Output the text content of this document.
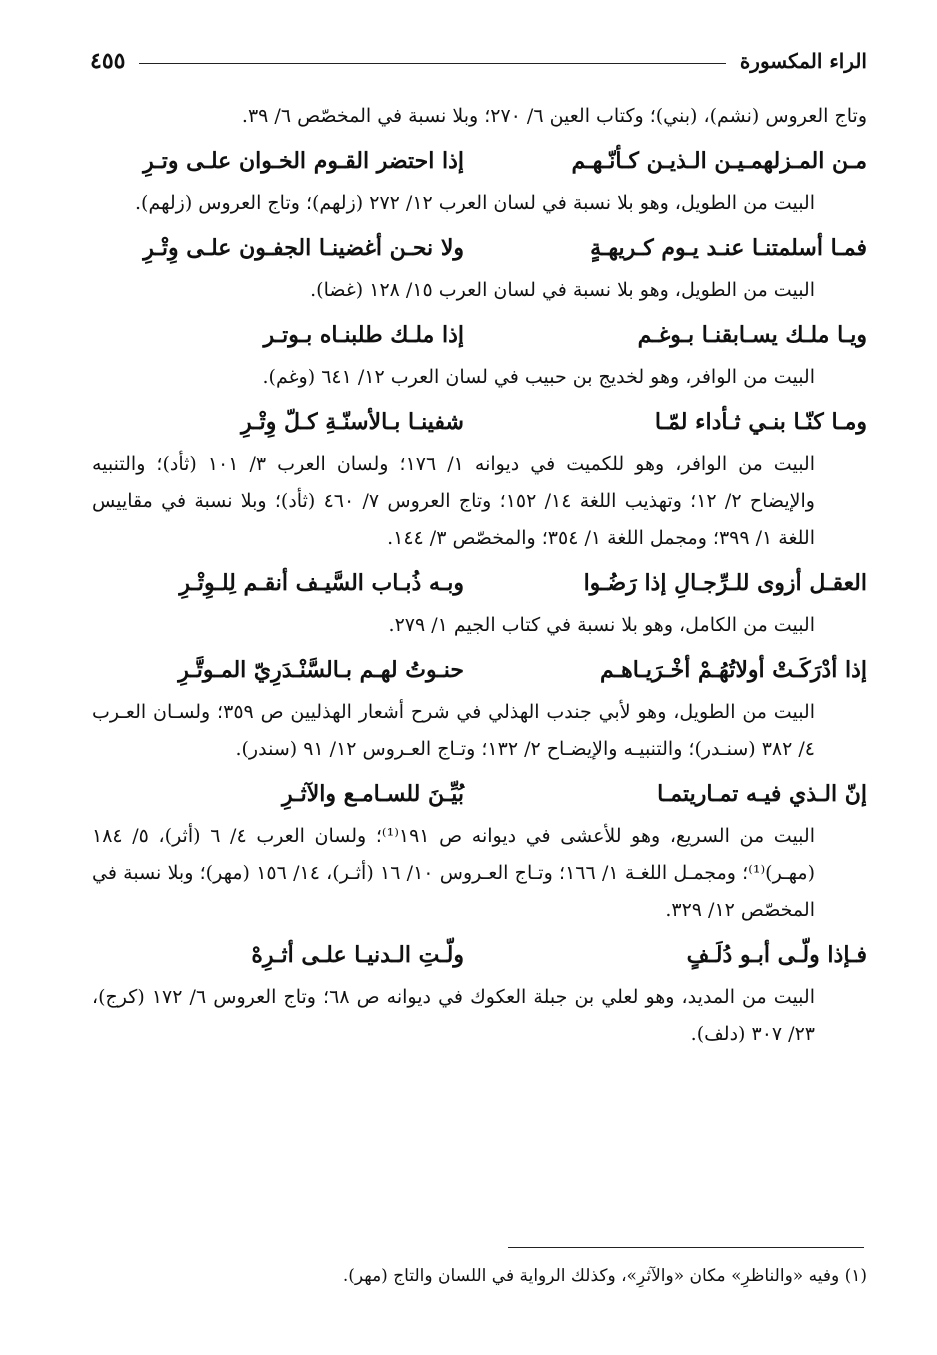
الراء المكسورة
٤٥٥

وتاج العروس (نشم)، (بني)؛ وكتاب العين ٦/ ٢٧٠؛ وبلا نسبة في المخصّص ٦/ ٣٩.

مـن المـزلهمـيـن الـذيـن كـأنّـهـم
إذا احتضر القـوم الخـوان علـى وتـرِ

البيت من الطويل، وهو بلا نسبة في لسان العرب ١٢/ ٢٧٢ (زلهم)؛ وتاج العروس (زلهم).

فمـا أسلمتنـا عنـد يـوم كـريهـةٍ
ولا نحـن أغضينـا الجفـون علـى وِتْـرِ

البيت من الطويل، وهو بلا نسبة في لسان العرب ١٥/ ١٢٨ (غضا).

ويـا ملـك يسـابقنـا بـوغـم
إذا ملـك طلبنـاه بـوتـر

البيت من الوافر، وهو لخديج بن حبيب في لسان العرب ١٢/ ٦٤١ (وغم).

ومـا كنّـا بنـي ثـأداء لمّـا
شفينـا بـالأسنّـةِ كـلّ وِتْـرِ

البيت من الوافر، وهو للكميت في ديوانه ١/ ١٧٦؛ ولسان العرب ٣/ ١٠١ (ثأد)؛ والتنبيه والإيضاح ٢/ ١٢؛ وتهذيب اللغة ١٤/ ١٥٢؛ وتاج العروس ٧/ ٤٦٠ (ثأد)؛ وبلا نسبة في مقاييس اللغة ١/ ٣٩٩؛ ومجمل اللغة ١/ ٣٥٤؛ والمخصّص ٣/ ١٤٤.

العقـل أزوى للـرِّجـالِ إذا رَضُـوا
وبـه ذُبـاب السَّيـف أنقـم لِلـوِتْـرِ

البيت من الكامل، وهو بلا نسبة في كتاب الجيم ١/ ٢٧٩.

إذا أدْرَكَـتْ أولاتُهُـمْ أخْـرَيـاهـم
حنـوتُ لهـم بـالسَّنْـدَرِيّ المـوتَّـرِ

البيت من الطويل، وهو لأبي جندب الهذلي في شرح أشعار الهذليين ص ٣٥٩؛ ولسـان العـرب ٤/ ٣٨٢ (سنـدر)؛ والتنبيـه والإيضـاح ٢/ ١٣٢؛ وتـاج العـروس ١٢/ ٩١ (سندر).

إنّ الـذي فيـه تمـاريتمـا
بُيِّـنَ للسـامـع والآثـرِ

البيت من السريع، وهو للأعشى في ديوانه ص ١٩١⁽¹⁾؛ ولسان العرب ٤/ ٦ (أثر)، ٥/ ١٨٤ (مهـر)⁽¹⁾؛ ومجمـل اللغـة ١/ ١٦٦؛ وتـاج العـروس ١٠/ ١٦ (أثـر)، ١٤/ ١٥٦ (مهر)؛ وبلا نسبة في المخصّص ١٢/ ٣٢٩.

فـإذا ولّـى أبـو دُلَـفٍ
ولّـتِ الـدنيـا علـى أثـرِهْ

البيت من المديد، وهو لعلي بن جبلة العكوك في ديوانه ص ٦٨؛ وتاج العروس ٦/ ١٧٢ (كرج)، ٢٣/ ٣٠٧ (دلف).

(١) وفيه «والناظرِ» مكان «والآثرِ»، وكذلك الرواية في اللسان والتاج (مهر).
